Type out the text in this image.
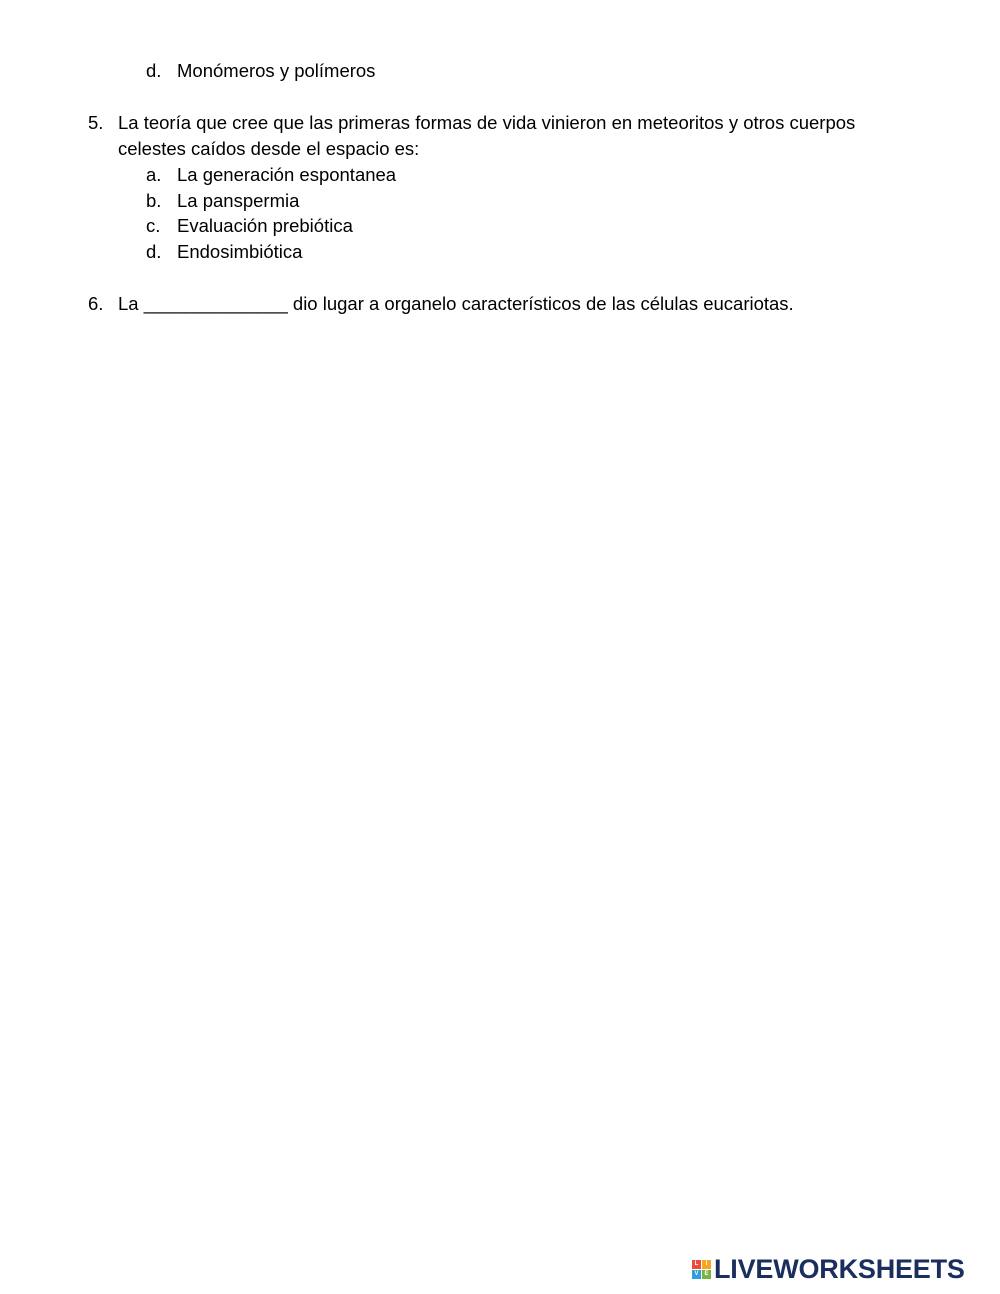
d. Monómeros y polímeros
5. La teoría que cree que las primeras formas de vida vinieron en meteoritos y otros cuerpos
celestes caídos desde el espacio es:
a. La generación espontanea
b. La panspermia
c. Evaluación prebiótica
d. Endosimbiótica
6. La ______________ dio lugar a organelo característicos de las células eucariotas.
L	I
V E LIVEWORKSHEETS
